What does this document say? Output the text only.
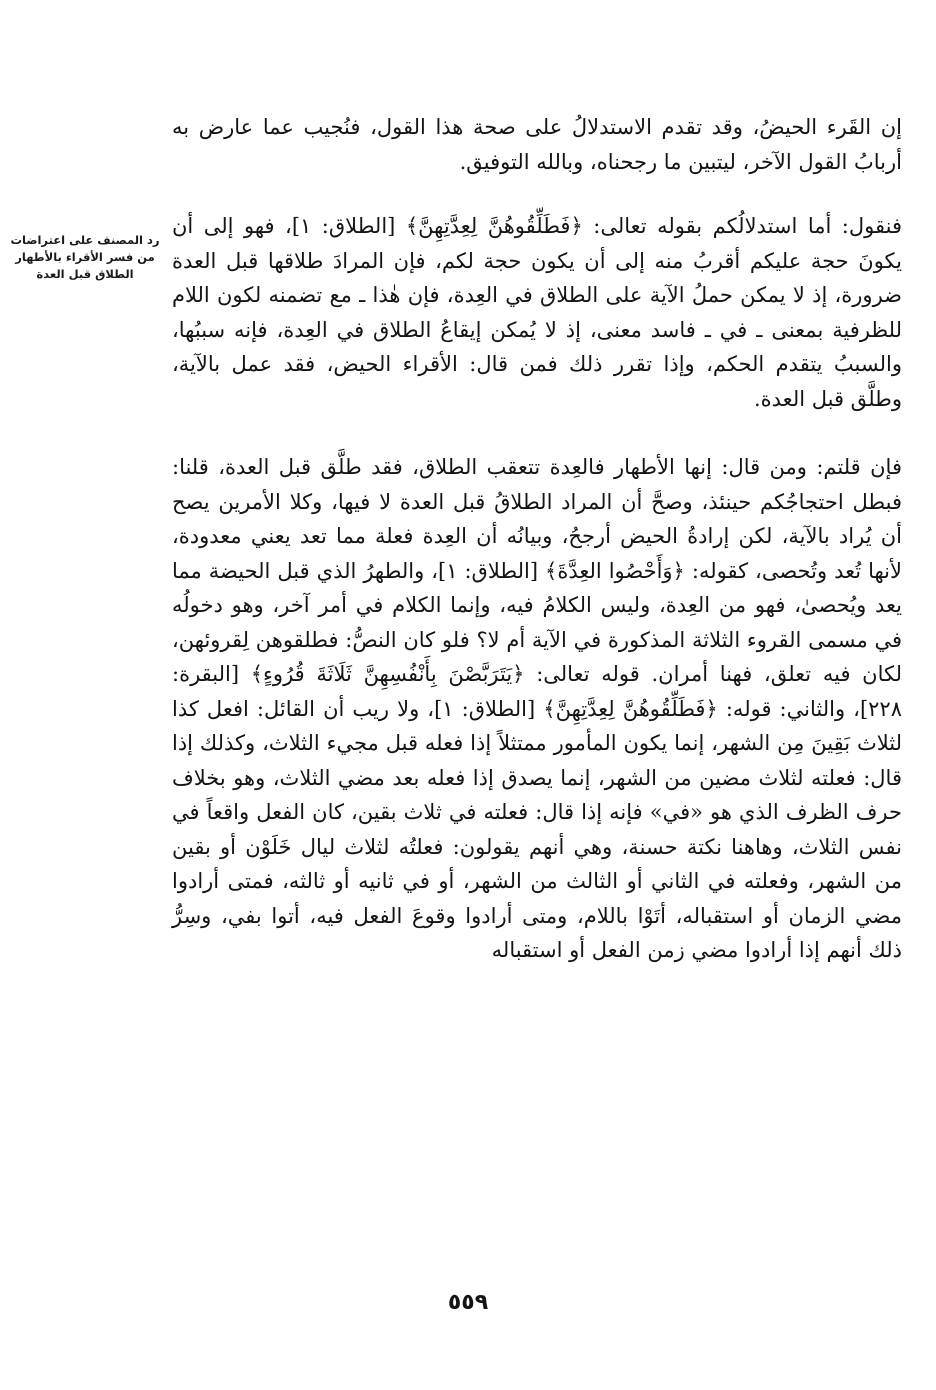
رد المصنف على اعتراضات من فسر الأقراء بالأطهار الطلاق قبل العدة

إن القَرء الحيضُ، وقد تقدم الاستدلالُ على صحة هذا القول، فنُجيب عما عارض به أربابُ القول الآخر، ليتبين ما رجحناه، وبالله التوفيق.

فنقول: أما استدلالُكم بقوله تعالى: ﴿فَطَلِّقُوهُنَّ لِعِدَّتِهِنَّ﴾ [الطلاق: ١]، فهو إلى أن يكونَ حجة عليكم أقربُ منه إلى أن يكون حجة لكم، فإن المرادَ طلاقها قبل العدة ضرورة، إذ لا يمكن حملُ الآية على الطلاق في العِدة، فإن هٰذا ـ مع تضمنه لكون اللام للظرفية بمعنى ـ في ـ فاسد معنى، إذ لا يُمكن إيقاعُ الطلاق في العِدة، فإنه سببُها، والسببُ يتقدم الحكم، وإذا تقرر ذلك فمن قال: الأقراء الحيض، فقد عمل بالآية، وطلَّق قبل العدة.

فإن قلتم: ومن قال: إنها الأطهار فالعِدة تتعقب الطلاق، فقد طلَّق قبل العدة، قلنا: فبطل احتجاجُكم حينئذ، وصحَّ أن المراد الطلاقُ قبل العدة لا فيها، وكلا الأمرين يصح أن يُراد بالآية، لكن إرادةُ الحيض أرجحُ، وبيانُه أن العِدة فعلة مما تعد يعني معدودة، لأنها تُعد وتُحصى، كقوله: ﴿وَأَحْصُوا العِدَّةَ﴾ [الطلاق: ١]، والطهرُ الذي قبل الحيضة مما يعد ويُحصىٰ، فهو من العِدة، وليس الكلامُ فيه، وإنما الكلام في أمر آخر، وهو دخولُه في مسمى القروء الثلاثة المذكورة في الآية أم لا؟ فلو كان النصُّ: فطلقوهن لِقروئهن، لكان فيه تعلق، فهنا أمران. قوله تعالى: ﴿يَتَرَبَّصْنَ بِأَنْفُسِهِنَّ ثَلَاثَةَ قُرُوءٍ﴾ [البقرة: ٢٢٨]، والثاني: قوله: ﴿فَطَلِّقُوهُنَّ لِعِدَّتِهِنَّ﴾ [الطلاق: ١]، ولا ريب أن القائل: افعل كذا لثلاث بَقِينَ مِن الشهر، إنما يكون المأمور ممتثلاً إذا فعله قبل مجيء الثلاث، وكذلك إذا قال: فعلته لثلاث مضين من الشهر، إنما يصدق إذا فعله بعد مضي الثلاث، وهو بخلاف حرف الظرف الذي هو «في» فإنه إذا قال: فعلته في ثلاث بقين، كان الفعل واقعاً في نفس الثلاث، وهاهنا نكتة حسنة، وهي أنهم يقولون: فعلتُه لثلاث ليال خَلَوْن أو بقين من الشهر، وفعلته في الثاني أو الثالث من الشهر، أو في ثانيه أو ثالثه، فمتى أرادوا مضي الزمان أو استقباله، أتَوْا باللام، ومتى أرادوا وقوعَ الفعل فيه، أتوا بفي، وسِرُّ ذلك أنهم إذا أرادوا مضي زمن الفعل أو استقباله

٥٥٩
